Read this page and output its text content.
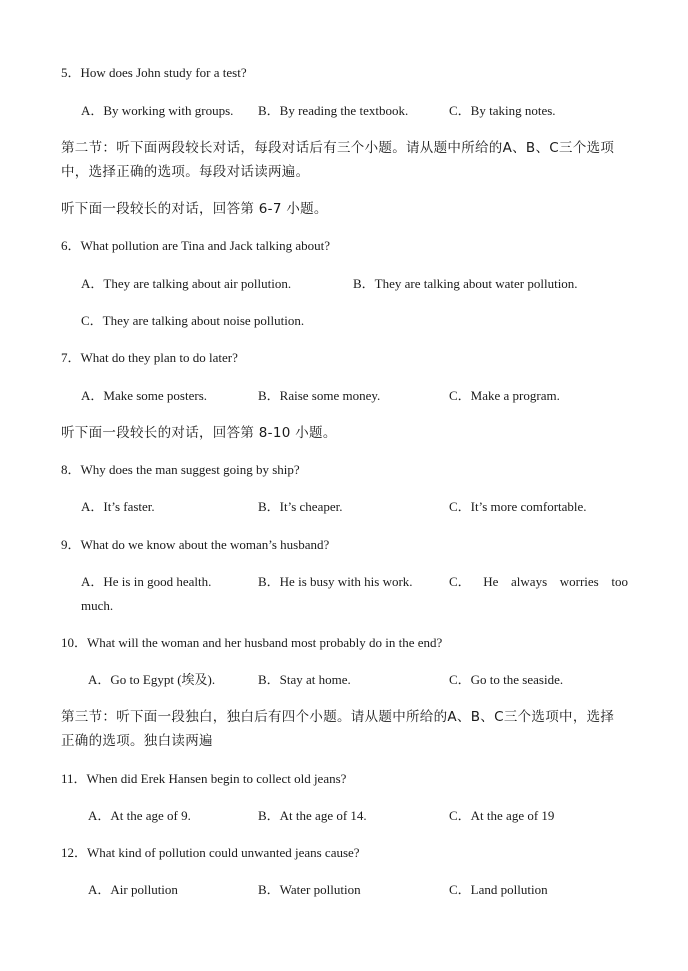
5．How does John study for a test?
A．By working with groups. B．By reading the textbook.	C．By taking notes.
第二节：听下面两段较长对话，每段对话后有三个小题。请从题中所给的A、B、C三个选项
中，选择正确的选项。每段对话读两遍。
听下面一段较长的对话，回答第 6-7 小题。
6．What pollution are Tina and Jack talking about?
A．They are talking about air pollution.	B．They are talking about water pollution.
C．They are talking about noise pollution.
7．What do they plan to do later?
A．Make some posters.	B．Raise some money.	C．Make a program.
听下面一段较长的对话，回答第 8-10 小题。
8．Why does the man suggest going by ship?
A．It’s faster.	B．It’s cheaper.	C．It’s more comfortable.
9．What do we know about the woman’s husband?
A．He is in good health.	B．He is busy with his work.	C． He always worries too
much.
10．What will the woman and her husband most probably do in the end?
A．Go to Egypt (埃及).	B．Stay at home.	C．Go to the seaside.
第三节：听下面一段独白，独白后有四个小题。请从题中所给的A、B、C三个选项中，选择
正确的选项。独白读两遍
11．When did Erek Hansen begin to collect old jeans?
A．At the age of 9.	B．At the age of 14.	C．At the age of 19
12．What kind of pollution could unwanted jeans cause?
A．Air pollution	B．Water pollution	C．Land pollution
